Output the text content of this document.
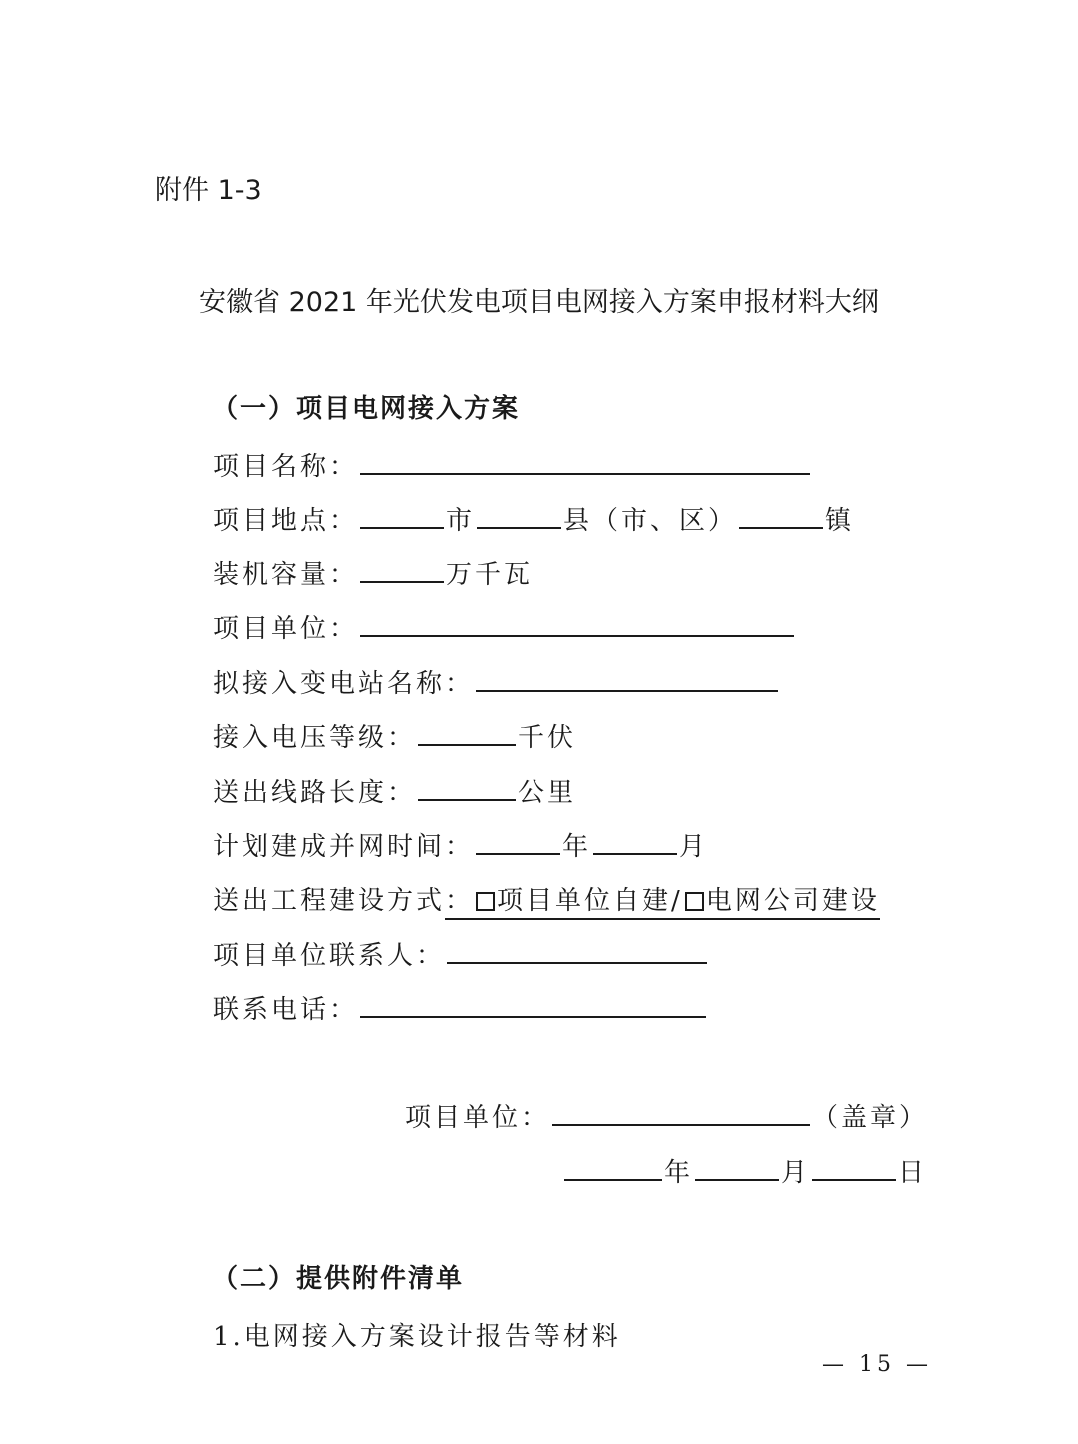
附件 1-3
安徽省 2021 年光伏发电项目电网接入方案申报材料大纲
（一）项目电网接入方案
项目名称：
项目地点：	市	县（市、区）	镇
装机容量：	万千瓦
项目单位：
拟接入变电站名称：
接入电压等级：	千伏
送出线路长度：	公里
计划建成并网时间：	年	月
送出工程建设方式 ： 项目单位自建/ 电网公司建设
项目单位联系人：
联系电话：
项目单位：	（盖章）
年	月	日
（二）提供附件清单
1.电网接入方案设计报告等材料
— 15 —
